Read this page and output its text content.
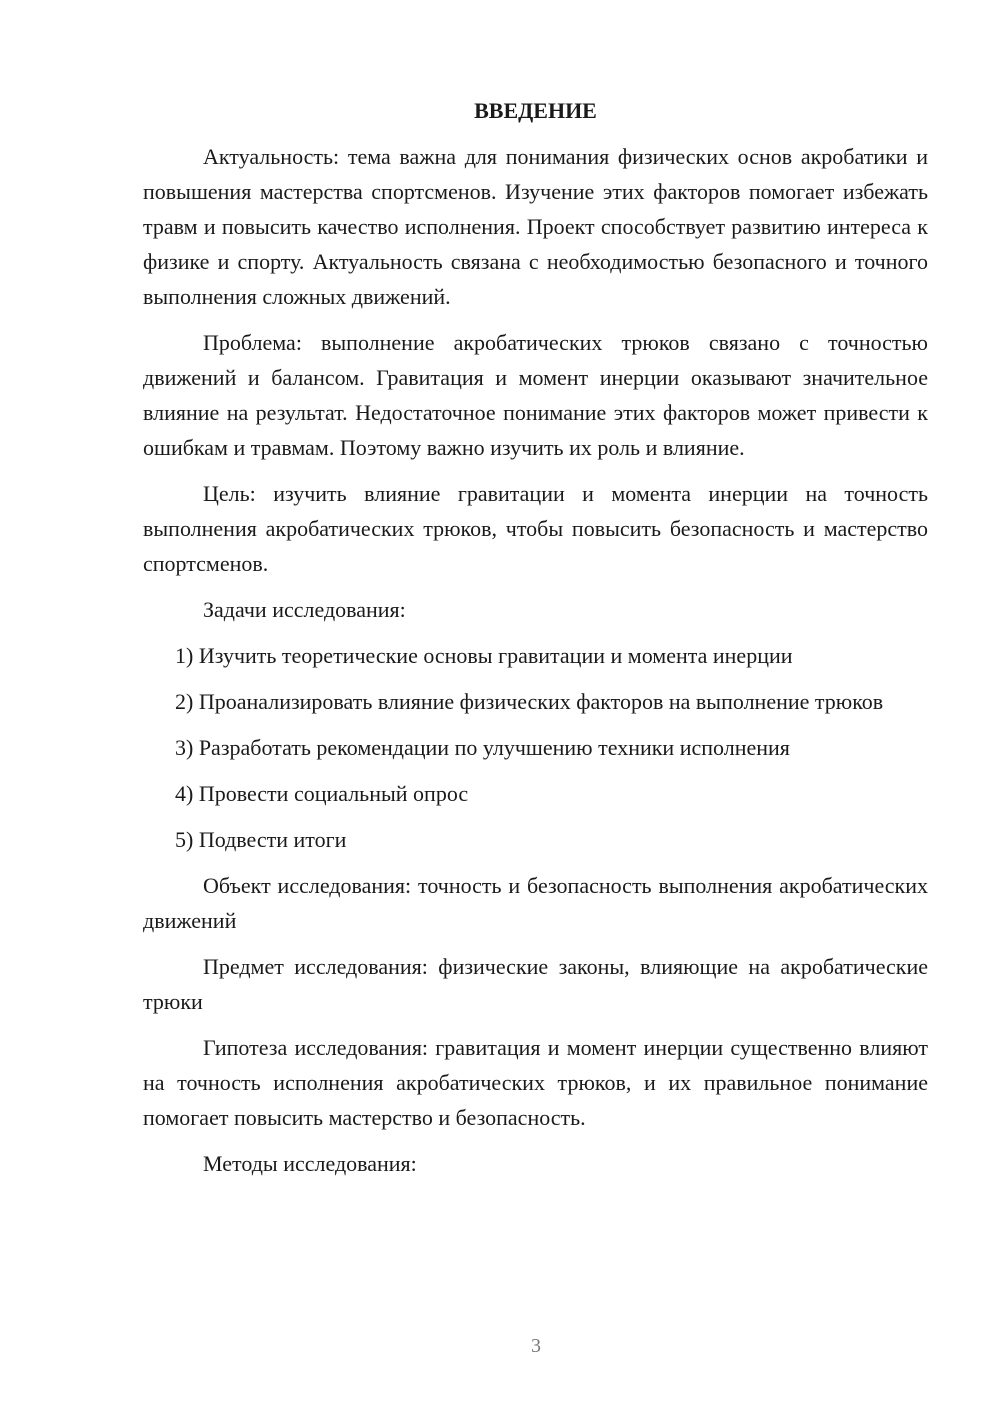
ВВЕДЕНИЕ

Актуальность: тема важна для понимания физических основ акробатики и повышения мастерства спортсменов. Изучение этих факторов помогает избежать травм и повысить качество исполнения. Проект способствует развитию интереса к физике и спорту. Актуальность связана с необходимостью безопасного и точного выполнения сложных движений.

Проблема: выполнение акробатических трюков связано с точностью движений и балансом. Гравитация и момент инерции оказывают значительное влияние на результат. Недостаточное понимание этих факторов может привести к ошибкам и травмам. Поэтому важно изучить их роль и влияние.

Цель: изучить влияние гравитации и момента инерции на точность выполнения акробатических трюков, чтобы повысить безопасность и мастерство спортсменов.

Задачи исследования:

1) Изучить теоретические основы гравитации и момента инерции

2) Проанализировать влияние физических факторов на выполнение трюков

3) Разработать рекомендации по улучшению техники исполнения

4) Провести социальный опрос

5) Подвести итоги

Объект исследования: точность и безопасность выполнения акробатических движений

Предмет исследования: физические законы, влияющие на акробатические трюки

Гипотеза исследования: гравитация и момент инерции существенно влияют на точность исполнения акробатических трюков, и их правильное понимание помогает повысить мастерство и безопасность.

Методы исследования:

3
